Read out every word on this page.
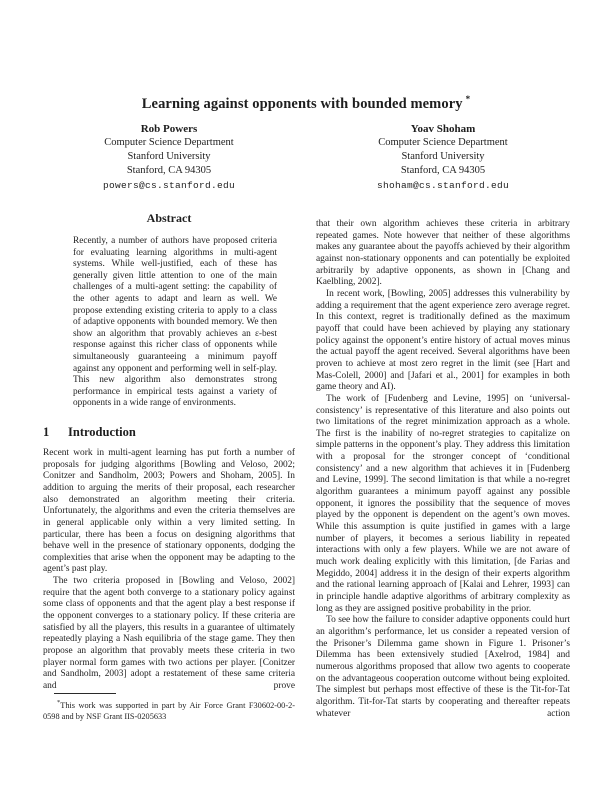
Learning against opponents with bounded memory *
Rob Powers
Computer Science Department
Stanford University
Stanford, CA 94305
powers@cs.stanford.edu
Yoav Shoham
Computer Science Department
Stanford University
Stanford, CA 94305
shoham@cs.stanford.edu
Abstract

Recently, a number of authors have proposed criteria for evaluating learning algorithms in multi-agent systems. While well-justified, each of these has generally given little attention to one of the main challenges of a multi-agent setting: the capability of the other agents to adapt and learn as well. We propose extending existing criteria to apply to a class of adaptive opponents with bounded memory. We then show an algorithm that provably achieves an ε-best response against this richer class of opponents while simultaneously guaranteeing a minimum payoff against any opponent and performing well in self-play. This new algorithm also demonstrates strong performance in empirical tests against a variety of opponents in a wide range of environments.

1 Introduction

Recent work in multi-agent learning has put forth a number of proposals for judging algorithms [Bowling and Veloso, 2002; Conitzer and Sandholm, 2003; Powers and Shoham, 2005]. In addition to arguing the merits of their proposal, each researcher also demonstrated an algorithm meeting their criteria. Unfortunately, the algorithms and even the criteria themselves are in general applicable only within a very limited setting. In particular, there has been a focus on designing algorithms that behave well in the presence of stationary opponents, dodging the complexities that arise when the opponent may be adapting to the agent’s past play.

The two criteria proposed in [Bowling and Veloso, 2002] require that the agent both converge to a stationary policy against some class of opponents and that the agent play a best response if the opponent converges to a stationary policy. If these criteria are satisfied by all the players, this results in a guarantee of ultimately repeatedly playing a Nash equilibria of the stage game. They then propose an algorithm that provably meets these criteria in two player normal form games with two actions per player. [Conitzer and Sandholm, 2003] adopt a restatement of these same criteria and prove

*This work was supported in part by Air Force Grant F30602-00-2-0598 and by NSF Grant IIS-0205633

that their own algorithm achieves these criteria in arbitrary repeated games. Note however that neither of these algorithms makes any guarantee about the payoffs achieved by their algorithm against non-stationary opponents and can potentially be exploited arbitrarily by adaptive opponents, as shown in [Chang and Kaelbling, 2002].

In recent work, [Bowling, 2005] addresses this vulnerability by adding a requirement that the agent experience zero average regret. In this context, regret is traditionally defined as the maximum payoff that could have been achieved by playing any stationary policy against the opponent’s entire history of actual moves minus the actual payoff the agent received. Several algorithms have been proven to achieve at most zero regret in the limit (see [Hart and Mas-Colell, 2000] and [Jafari et al., 2001] for examples in both game theory and AI).

The work of [Fudenberg and Levine, 1995] on ‘universal-consistency’ is representative of this literature and also points out two limitations of the regret minimization approach as a whole. The first is the inability of no-regret strategies to capitalize on simple patterns in the opponent’s play. They address this limitation with a proposal for the stronger concept of ‘conditional consistency’ and a new algorithm that achieves it in [Fudenberg and Levine, 1999]. The second limitation is that while a no-regret algorithm guarantees a minimum payoff against any possible opponent, it ignores the possibility that the sequence of moves played by the opponent is dependent on the agent’s own moves. While this assumption is quite justified in games with a large number of players, it becomes a serious liability in repeated interactions with only a few players. While we are not aware of much work dealing explicitly with this limitation, [de Farias and Megiddo, 2004] address it in the design of their experts algorithm and the rational learning approach of [Kalai and Lehrer, 1993] can in principle handle adaptive algorithms of arbitrary complexity as long as they are assigned positive probability in the prior.

To see how the failure to consider adaptive opponents could hurt an algorithm’s performance, let us consider a repeated version of the Prisoner’s Dilemma game shown in Figure 1. Prisoner’s Dilemma has been extensively studied [Axelrod, 1984] and numerous algorithms proposed that allow two agents to cooperate on the advantageous cooperation outcome without being exploited. The simplest but perhaps most effective of these is the Tit-for-Tat algorithm. Tit-for-Tat starts by cooperating and thereafter repeats whatever action
